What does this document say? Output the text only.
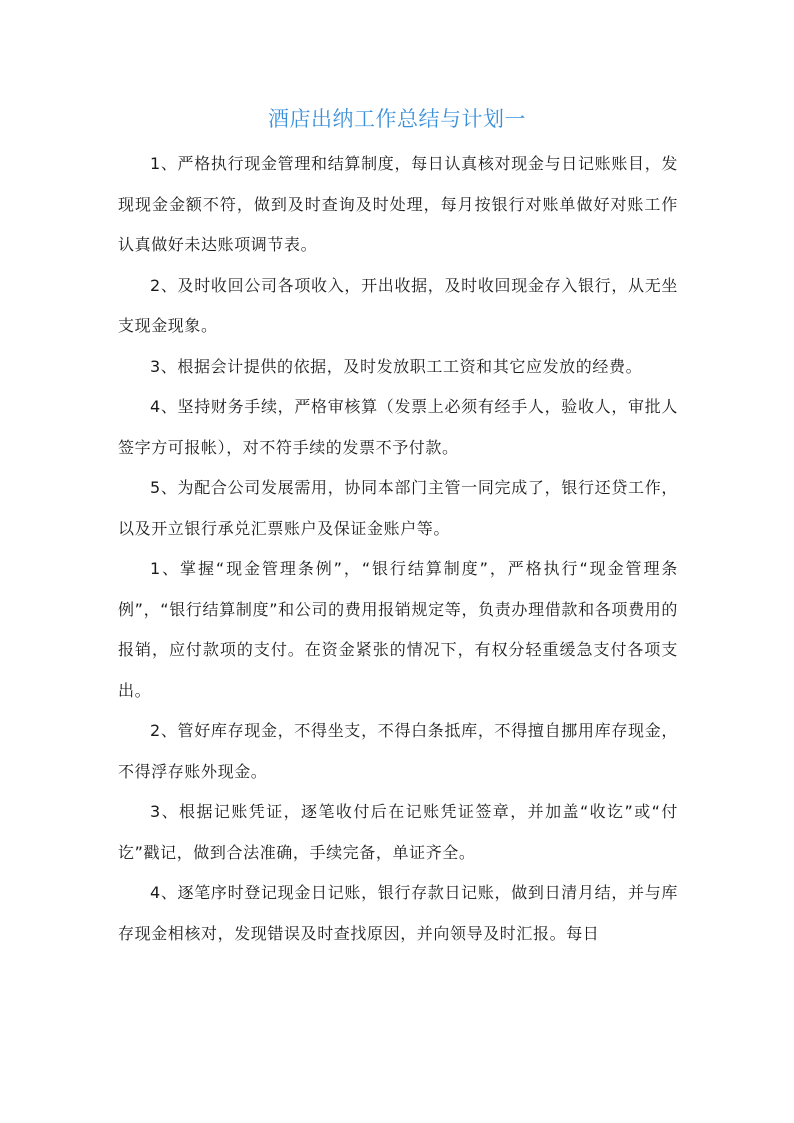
酒店出纳工作总结与计划一

1、严格执行现金管理和结算制度，每日认真核对现金与日记账账目，发现现金金额不符，做到及时查询及时处理，每月按银行对账单做好对账工作认真做好未达账项调节表。

2、及时收回公司各项收入，开出收据，及时收回现金存入银行，从无坐支现金现象。

3、根据会计提供的依据，及时发放职工工资和其它应发放的经费。

4、坚持财务手续，严格审核算（发票上必须有经手人，验收人，审批人签字方可报帐），对不符手续的发票不予付款。

5、为配合公司发展需用，协同本部门主管一同完成了，银行还贷工作，以及开立银行承兑汇票账户及保证金账户等。

1、掌握“现金管理条例”，“银行结算制度”，严格执行“现金管理条例”，“银行结算制度”和公司的费用报销规定等，负责办理借款和各项费用的报销，应付款项的支付。在资金紧张的情况下，有权分轻重缓急支付各项支出。

2、管好库存现金，不得坐支，不得白条抵库，不得擅自挪用库存现金，不得浮存账外现金。

3、根据记账凭证，逐笔收付后在记账凭证签章，并加盖“收讫”或“付讫”戳记，做到合法准确，手续完备，单证齐全。

4、逐笔序时登记现金日记账，银行存款日记账，做到日清月结，并与库存现金相核对，发现错误及时查找原因，并向领导及时汇报。每日
